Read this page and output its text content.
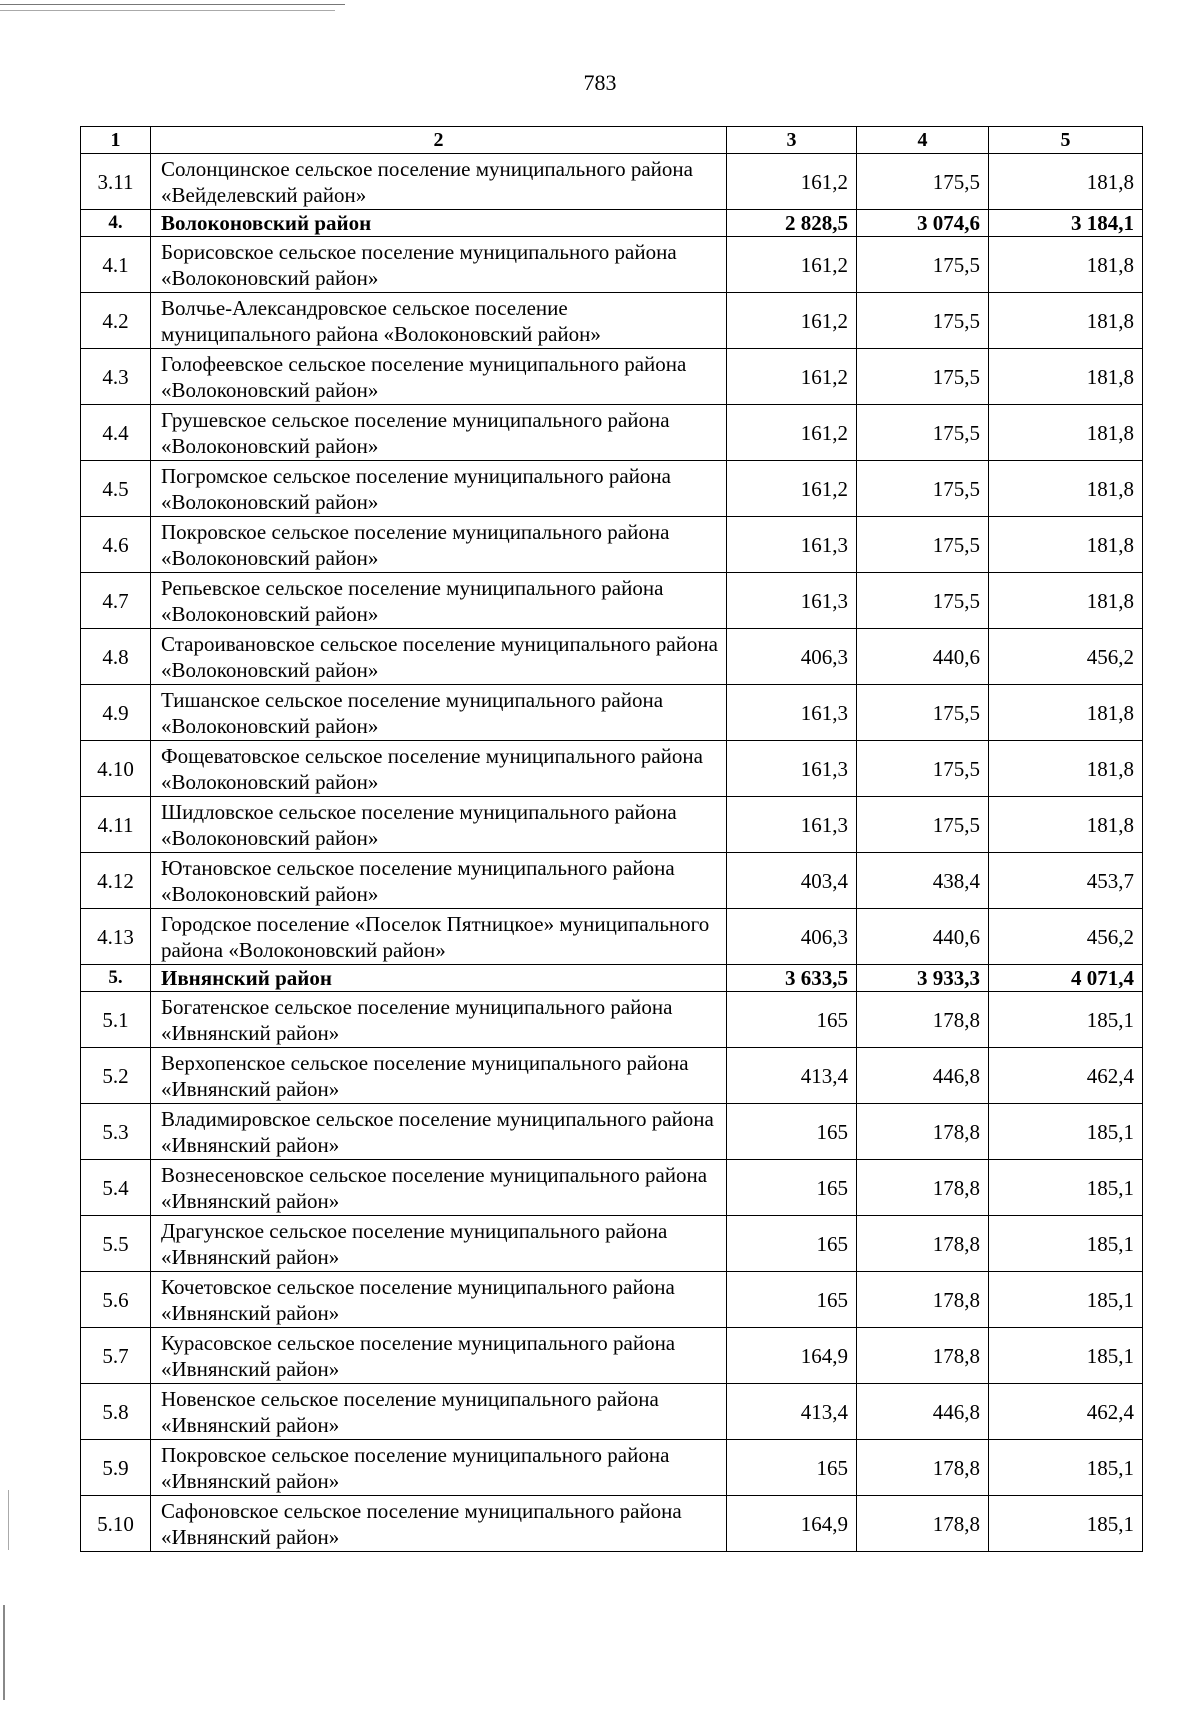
783
1	2	3	4	5
3.11	Солонцинское сельское поселение муниципального района «Вейделевский район»	161,2	175,5	181,8
4.	Волоконовский район	2 828,5	3 074,6	3 184,1
4.1	Борисовское сельское поселение муниципального района «Волоконовский район»	161,2	175,5	181,8
4.2	Волчье-Александровское сельское поселение муниципального района «Волоконовский район»	161,2	175,5	181,8
4.3	Голофеевское сельское поселение муниципального района «Волоконовский район»	161,2	175,5	181,8
4.4	Грушевское сельское поселение муниципального района «Волоконовский район»	161,2	175,5	181,8
4.5	Погромское сельское поселение муниципального района «Волоконовский район»	161,2	175,5	181,8
4.6	Покровское сельское поселение муниципального района «Волоконовский район»	161,3	175,5	181,8
4.7	Репьевское сельское поселение муниципального района «Волоконовский район»	161,3	175,5	181,8
4.8	Староивановское сельское поселение муниципального района «Волоконовский район»	406,3	440,6	456,2
4.9	Тишанское сельское поселение муниципального района «Волоконовский район»	161,3	175,5	181,8
4.10	Фощеватовское сельское поселение муниципального района «Волоконовский район»	161,3	175,5	181,8
4.11	Шидловское сельское поселение муниципального района «Волоконовский район»	161,3	175,5	181,8
4.12	Ютановское сельское поселение муниципального района «Волоконовский район»	403,4	438,4	453,7
4.13	Городское поселение «Поселок Пятницкое» муниципального района «Волоконовский район»	406,3	440,6	456,2
5.	Ивнянский район	3 633,5	3 933,3	4 071,4
5.1	Богатенское сельское поселение муниципального района «Ивнянский район»	165	178,8	185,1
5.2	Верхопенское сельское поселение муниципального района «Ивнянский район»	413,4	446,8	462,4
5.3	Владимировское сельское поселение муниципального района «Ивнянский район»	165	178,8	185,1
5.4	Вознесеновское сельское поселение муниципального района «Ивнянский район»	165	178,8	185,1
5.5	Драгунское сельское поселение муниципального района «Ивнянский район»	165	178,8	185,1
5.6	Кочетовское сельское поселение муниципального района «Ивнянский район»	165	178,8	185,1
5.7	Курасовское сельское поселение муниципального района «Ивнянский район»	164,9	178,8	185,1
5.8	Новенское сельское поселение муниципального района «Ивнянский район»	413,4	446,8	462,4
5.9	Покровское сельское поселение муниципального района «Ивнянский район»	165	178,8	185,1
5.10	Сафоновское сельское поселение муниципального района «Ивнянский район»	164,9	178,8	185,1
